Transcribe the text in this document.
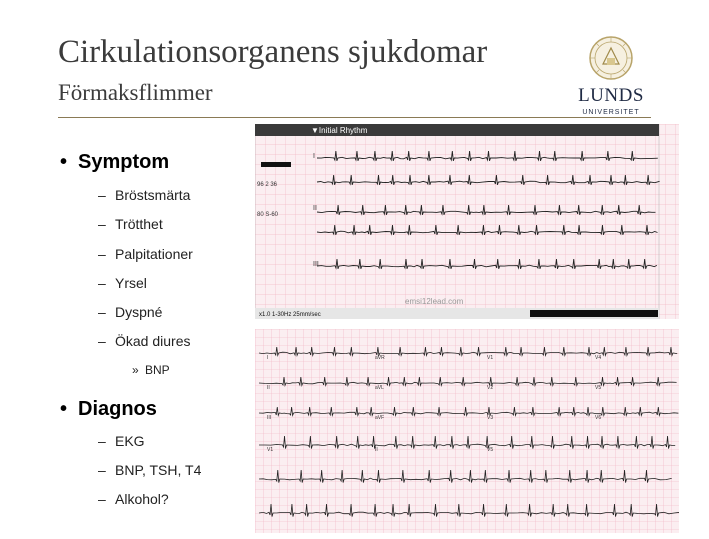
Cirkulationsorganens sjukdomar
Förmaksflimmer	LUNDS
UNIVERSITET
Symptom
Bröstsmärta
Trötthet
Palpitationer
Yrsel
Dyspné
Ökad diures
BNP
Diagnos
EKG
BNP, TSH, T4
Alkohol?
▼Initial Rhythm
96 2 36
80 S-60
I
II
III
emsi12lead.com
x1.0 1-30Hz 25mm/sec
I	aVR	V1	V4
II	aVL	V2	V5
III	aVF	V3	V6
V1	II	V5
